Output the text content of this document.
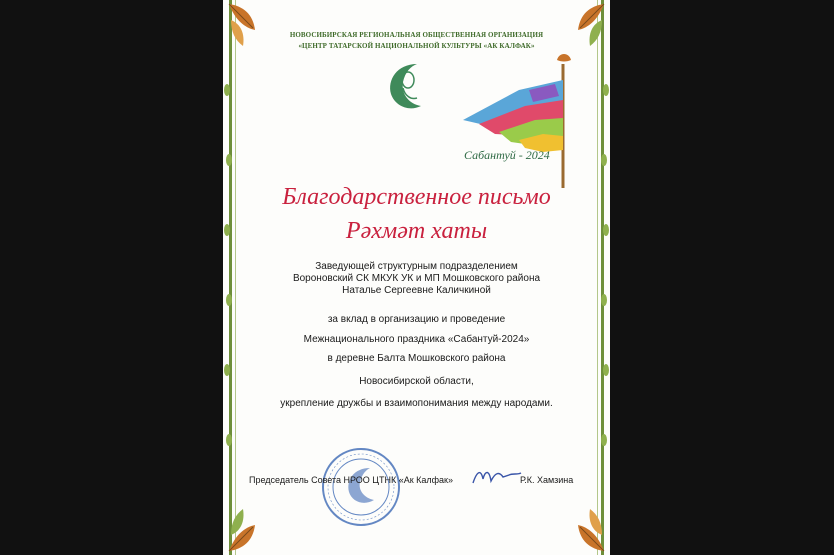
НОВОСИБИРСКАЯ РЕГИОНАЛЬНАЯ ОБЩЕСТВЕННАЯ ОРГАНИЗАЦИЯ
«ЦЕНТР ТАТАРСКОЙ НАЦИОНАЛЬНОЙ КУЛЬТУРЫ «АК КАЛФАК»
Сабантуй - 2024
Благодарственное письмо
Рәхмәт хаты
Заведующей структурным подразделением
Вороновский СК МКУК УК и МП Мошковского района
Наталье Сергеевне Каличкиной
за вклад в организацию и проведение
Межнационального праздника «Сабантуй-2024»
в деревне Балта Мошковского района
Новосибирской области,
укрепление дружбы и взаимопонимания между народами.
Председатель Совета НРОО ЦТНК «Ак Калфак»	Р.К. Хамзина
